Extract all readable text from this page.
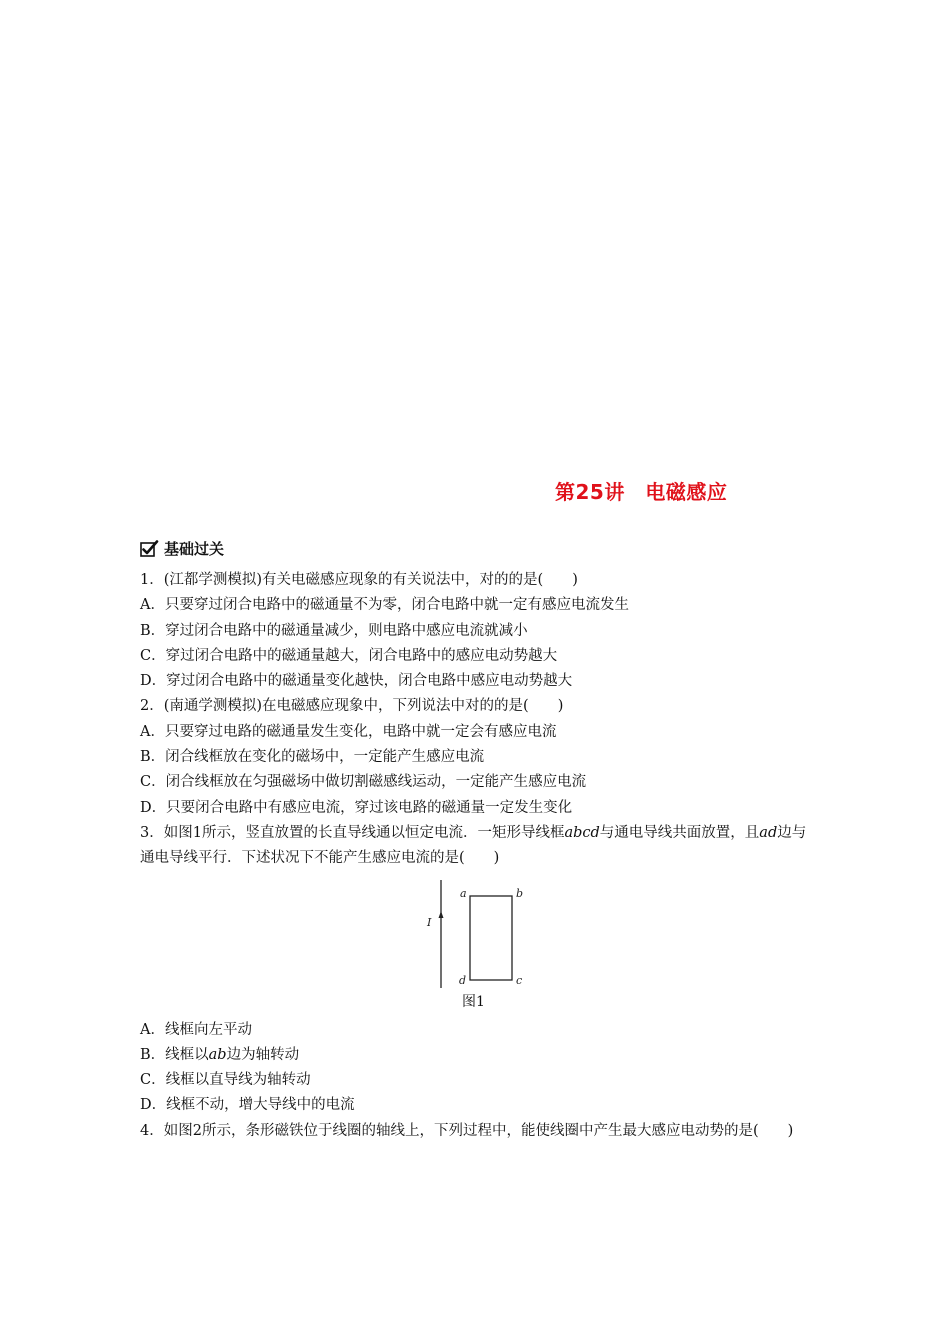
第25讲　电磁感应
基础过关
1．(江都学测模拟)有关电磁感应现象的有关说法中，对的的是(　　)
A．只要穿过闭合电路中的磁通量不为零，闭合电路中就一定有感应电流发生
B．穿过闭合电路中的磁通量减少，则电路中感应电流就减小
C．穿过闭合电路中的磁通量越大，闭合电路中的感应电动势越大
D．穿过闭合电路中的磁通量变化越快，闭合电路中感应电动势越大
2．(南通学测模拟)在电磁感应现象中，下列说法中对的的是(　　)
A．只要穿过电路的磁通量发生变化，电路中就一定会有感应电流
B．闭合线框放在变化的磁场中，一定能产生感应电流
C．闭合线框放在匀强磁场中做切割磁感线运动，一定能产生感应电流
D．只要闭合电路中有感应电流，穿过该电路的磁通量一定发生变化
3．如图1所示，竖直放置的长直导线通以恒定电流．一矩形导线框abcd与通电导线共面放置，且ad边与通电导线平行．下述状况下不能产生感应电流的是(　　)
I
a	b
c
d
图1
A．线框向左平动
B．线框以ab边为轴转动
C．线框以直导线为轴转动
D．线框不动，增大导线中的电流
4．如图2所示，条形磁铁位于线圈的轴线上，下列过程中，能使线圈中产生最大感应电动势的是(　　)
